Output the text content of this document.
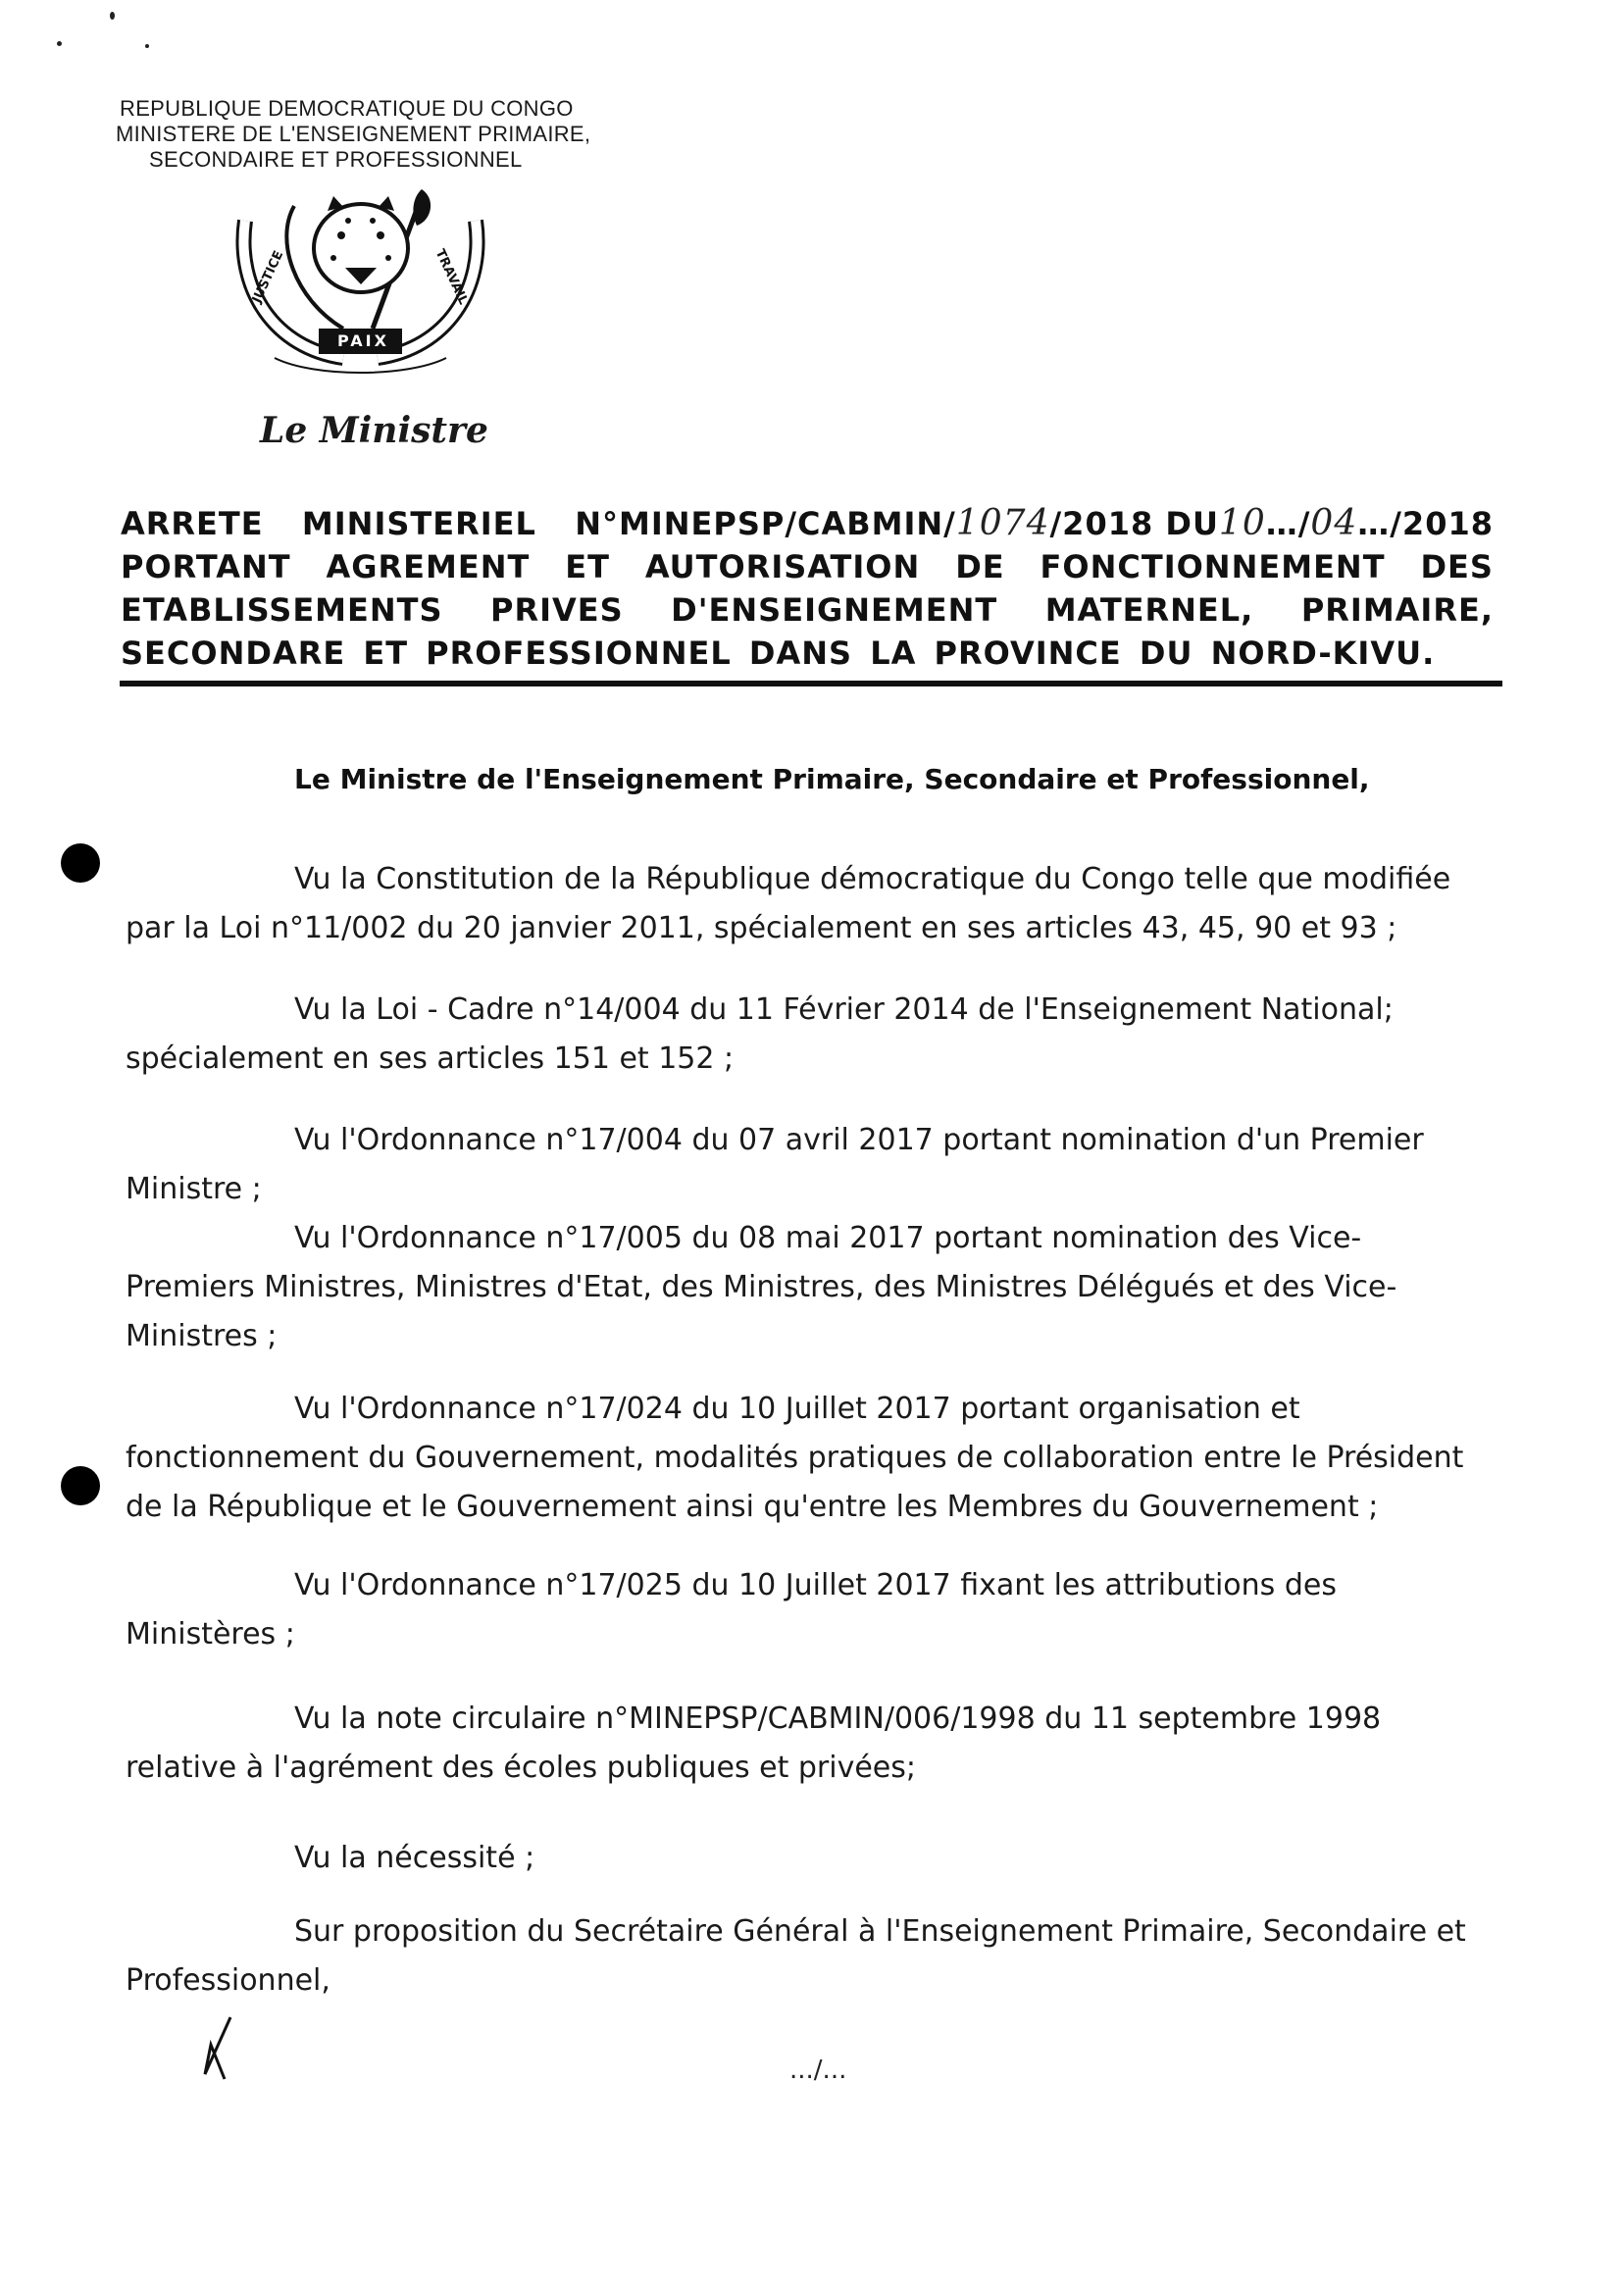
REPUBLIQUE DEMOCRATIQUE DU CONGO
MINISTERE DE L'ENSEIGNEMENT PRIMAIRE,
SECONDAIRE ET PROFESSIONNEL
JUSTICE
PAIX
TRAVAIL
Le Ministre
ARRETE MINISTERIEL N°MINEPSP/CABMIN/1074/2018 DU10…/04…/2018
PORTANT AGREMENT ET AUTORISATION DE FONCTIONNEMENT DES
ETABLISSEMENTS PRIVES D'ENSEIGNEMENT MATERNEL, PRIMAIRE,
SECONDARE ET PROFESSIONNEL DANS LA PROVINCE DU NORD-KIVU.
Le Ministre de l'Enseignement Primaire, Secondaire et Professionnel,
Vu la Constitution de la République démocratique du Congo telle que modifiée
par la Loi n°11/002 du 20 janvier 2011, spécialement en ses articles 43, 45, 90 et 93 ;
Vu la Loi - Cadre n°14/004 du 11 Février 2014 de l'Enseignement National;
spécialement en ses articles 151 et 152 ;
Vu l'Ordonnance n°17/004 du 07 avril 2017 portant nomination d'un Premier
Ministre ;
Vu l'Ordonnance n°17/005 du 08 mai 2017 portant nomination des Vice-
Premiers Ministres, Ministres d'Etat, des Ministres, des Ministres Délégués et des Vice-
Ministres ;
Vu l'Ordonnance n°17/024 du 10 Juillet 2017 portant organisation et
fonctionnement du Gouvernement, modalités pratiques de collaboration entre le Président
de la République et le Gouvernement ainsi qu'entre les Membres du Gouvernement ;
Vu l'Ordonnance n°17/025 du 10 Juillet 2017 fixant les attributions des
Ministères ;
Vu la note circulaire n°MINEPSP/CABMIN/006/1998 du 11 septembre 1998
relative à l'agrément des écoles publiques et privées;
Vu la nécessité ;
Sur proposition du Secrétaire Général à l'Enseignement Primaire, Secondaire et
Professionnel,
.../...
